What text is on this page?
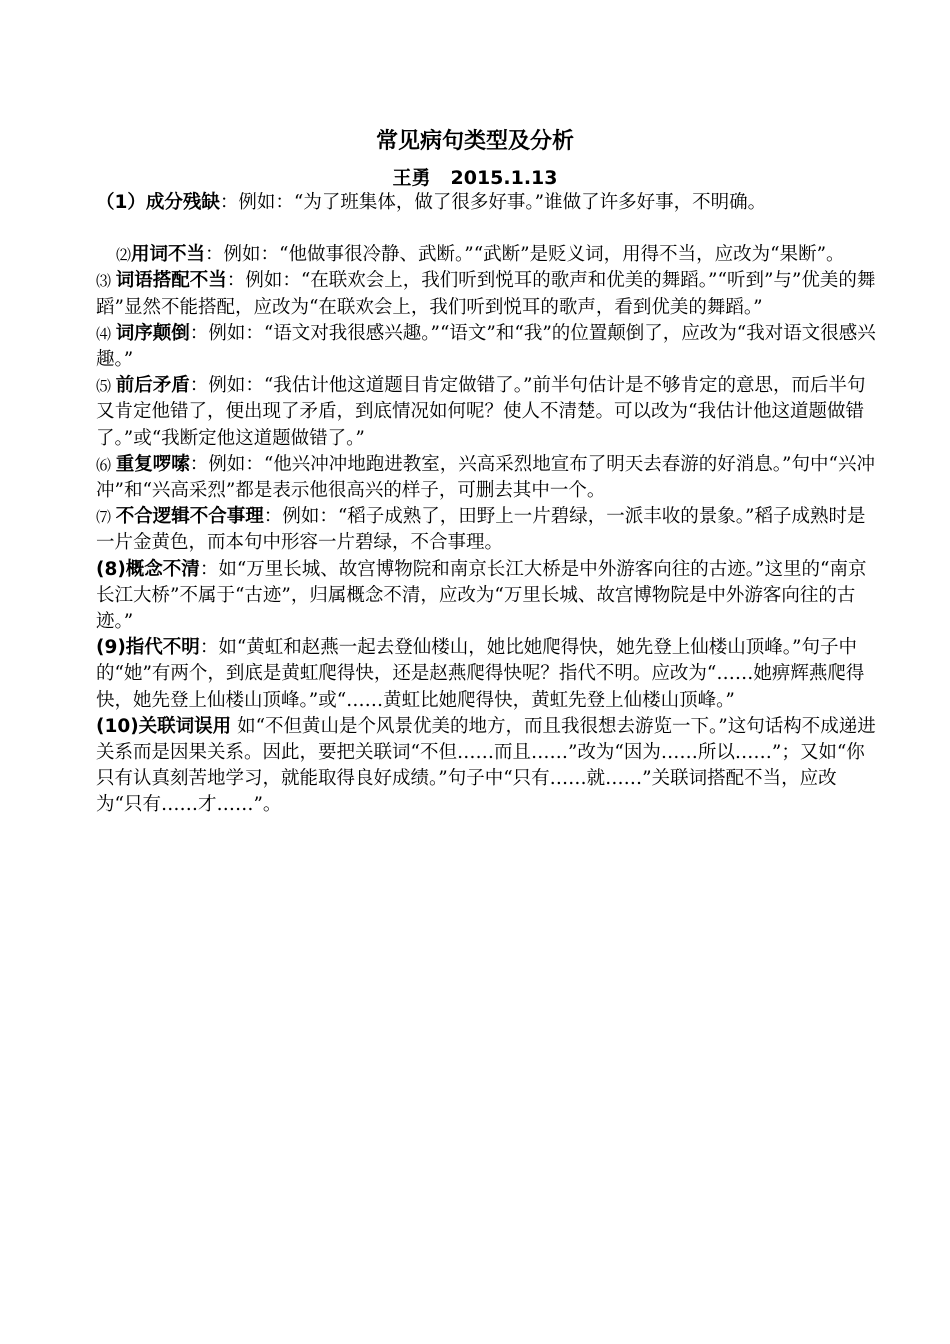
常见病句类型及分析
王勇 2015.1.13

（1）成分残缺：例如：“为了班集体，做了很多好事。”谁做了许多好事，不明确。

⑵用词不当：例如：“他做事很冷静、武断。”“武断”是贬义词，用得不当，应改为“果断”。

⑶ 词语搭配不当：例如：“在联欢会上，我们听到悦耳的歌声和优美的舞蹈。”“听到”与”优美的舞蹈”显然不能搭配，应改为“在联欢会上，我们听到悦耳的歌声，看到优美的舞蹈。”

⑷ 词序颠倒：例如：“语文对我很感兴趣。”“语文”和“我”的位置颠倒了，应改为“我对语文很感兴趣。”

⑸ 前后矛盾：例如：“我估计他这道题目肯定做错了。”前半句估计是不够肯定的意思，而后半句又肯定他错了，便出现了矛盾，到底情况如何呢？使人不清楚。可以改为“我估计他这道题做错了。”或“我断定他这道题做错了。”

⑹ 重复啰嗦：例如：“他兴冲冲地跑进教室，兴高采烈地宣布了明天去春游的好消息。”句中“兴冲冲”和“兴高采烈”都是表示他很高兴的样子，可删去其中一个。

⑺ 不合逻辑不合事理：例如：“稻子成熟了，田野上一片碧绿，一派丰收的景象。”稻子成熟时是一片金黄色，而本句中形容一片碧绿，不合事理。

(8)概念不清：如“万里长城、故宫博物院和南京长江大桥是中外游客向往的古迹。”这里的“南京长江大桥”不属于“古迹”，归属概念不清，应改为“万里长城、故宫博物院是中外游客向往的古迹。”

(9)指代不明：如“黄虹和赵燕一起去登仙楼山，她比她爬得快，她先登上仙楼山顶峰。”句子中的“她”有两个，到底是黄虹爬得快，还是赵燕爬得快呢？指代不明。应改为“……她痹辉燕爬得快，她先登上仙楼山顶峰。”或“……黄虹比她爬得快，黄虹先登上仙楼山顶峰。”

(10)关联词误用 如“不但黄山是个风景优美的地方，而且我很想去游览一下。”这句话构不成递进关系而是因果关系。因此，要把关联词“不但……而且……”改为“因为……所以……”；又如“你只有认真刻苦地学习，就能取得良好成绩。”句子中“只有……就……”关联词搭配不当，应改为“只有……才……”。
